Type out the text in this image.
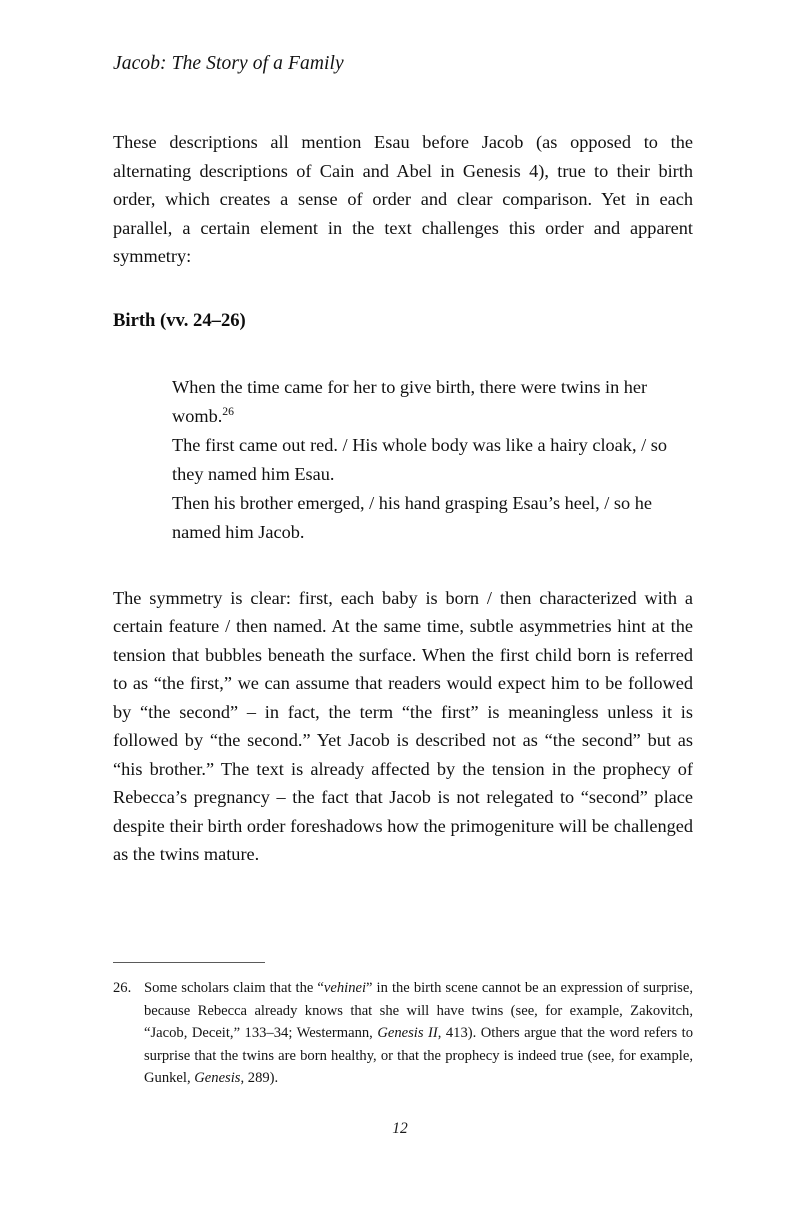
Jacob: The Story of a Family

These descriptions all mention Esau before Jacob (as opposed to the alternating descriptions of Cain and Abel in Genesis 4), true to their birth order, which creates a sense of order and clear comparison. Yet in each parallel, a certain element in the text challenges this order and apparent symmetry:

Birth (vv. 24–26)
When the time came for her to give birth, there were twins in her womb.$^{26}$
The first came out red. / His whole body was like a hairy cloak, / so they named him Esau.
Then his brother emerged, / his hand grasping Esau’s heel, / so he named him Jacob.

The symmetry is clear: first, each baby is born / then characterized with a certain feature / then named. At the same time, subtle asymmetries hint at the tension that bubbles beneath the surface. When the first child born is referred to as “the first,” we can assume that readers would expect him to be followed by “the second” – in fact, the term “the first” is meaningless unless it is followed by “the second.” Yet Jacob is described not as “the second” but as “his brother.” The text is already affected by the tension in the prophecy of Rebecca’s pregnancy – the fact that Jacob is not relegated to “second” place despite their birth order foreshadows how the primogeniture will be challenged as the twins mature.

26. Some scholars claim that the “vehinei” in the birth scene cannot be an expression of surprise, because Rebecca already knows that she will have twins (see, for example, Zakovitch, “Jacob, Deceit,” 133–34; Westermann, Genesis II, 413). Others argue that the word refers to surprise that the twins are born healthy, or that the prophecy is indeed true (see, for example, Gunkel, Genesis, 289).

12
